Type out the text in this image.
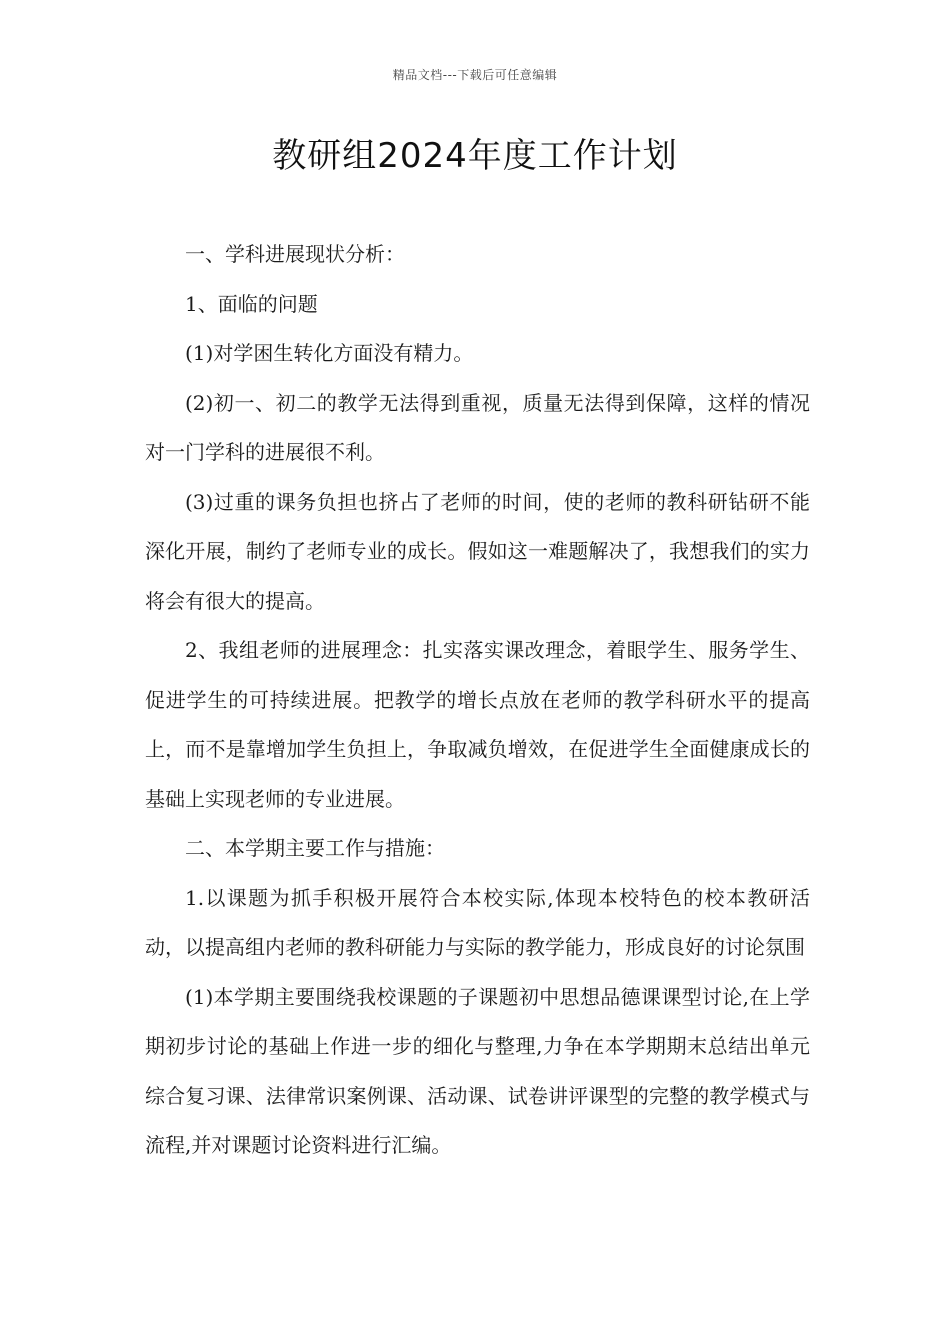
精品文档---下载后可任意编辑
教研组2024年度工作计划

一、学科进展现状分析：

1、面临的问题

(1)对学困生转化方面没有精力。

(2)初一、初二的教学无法得到重视，质量无法得到保障，这样的情况对一门学科的进展很不利。

(3)过重的课务负担也挤占了老师的时间，使的老师的教科研钻研不能深化开展，制约了老师专业的成长。假如这一难题解决了，我想我们的实力将会有很大的提高。

2、我组老师的进展理念：扎实落实课改理念，着眼学生、服务学生、促进学生的可持续进展。把教学的增长点放在老师的教学科研水平的提高上，而不是靠增加学生负担上，争取减负增效，在促进学生全面健康成长的基础上实现老师的专业进展。

二、本学期主要工作与措施：

1.以课题为抓手积极开展符合本校实际,体现本校特色的校本教研活动，以提高组内老师的教科研能力与实际的教学能力，形成良好的讨论氛围

(1)本学期主要围绕我校课题的子课题初中思想品德课课型讨论,在上学期初步讨论的基础上作进一步的细化与整理,力争在本学期期末总结出单元综合复习课、法律常识案例课、活动课、试卷讲评课型的完整的教学模式与流程,并对课题讨论资料进行汇编。
